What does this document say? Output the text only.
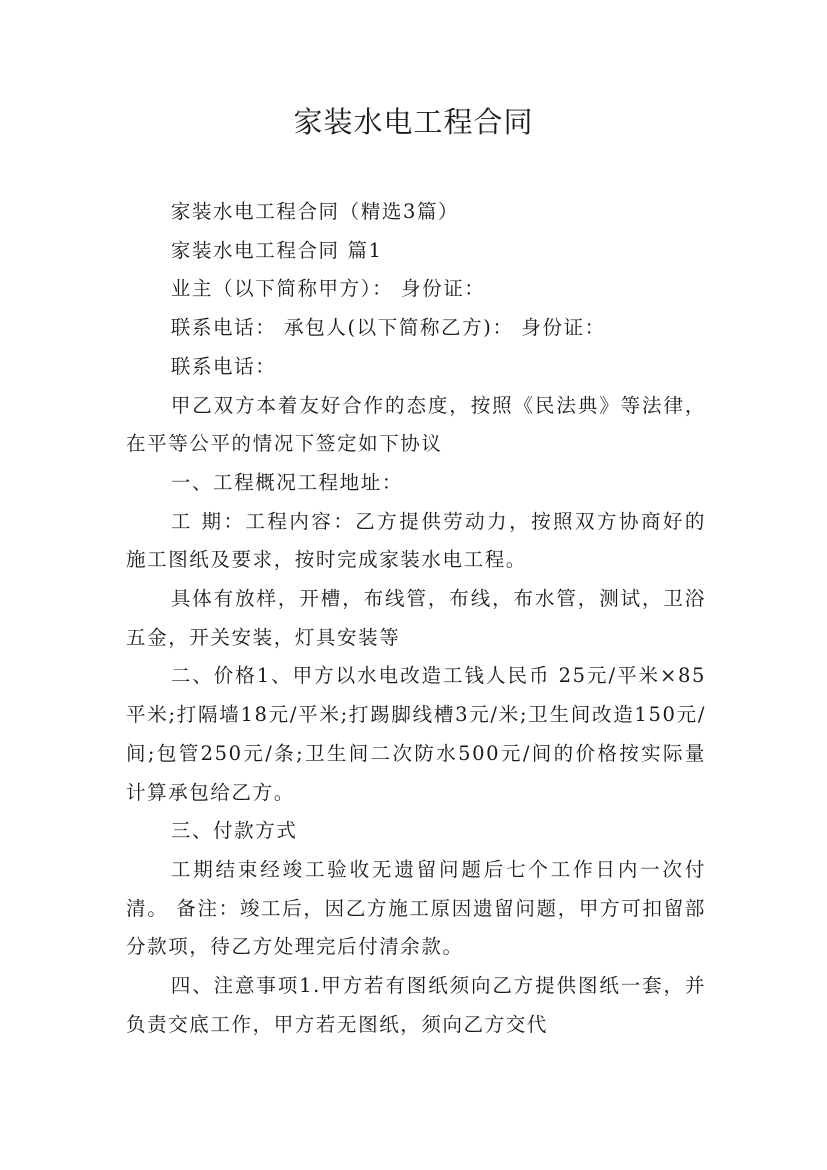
家装水电工程合同

家装水电工程合同（精选3篇）

家装水电工程合同 篇1

业主（以下简称甲方）： 身份证：

联系电话： 承包人(以下简称乙方)： 身份证：

联系电话：

甲乙双方本着友好合作的态度，按照《民法典》等法律，在平等公平的情况下签定如下协议

一、工程概况工程地址：

工 期：工程内容：乙方提供劳动力，按照双方协商好的施工图纸及要求，按时完成家装水电工程。

具体有放样，开槽，布线管，布线，布水管，测试，卫浴五金，开关安装，灯具安装等

二、价格1、甲方以水电改造工钱人民币 25元/平米×85平米;打隔墙18元/平米;打踢脚线槽3元/米;卫生间改造150元/间;包管250元/条;卫生间二次防水500元/间的价格按实际量计算承包给乙方。

三、付款方式

工期结束经竣工验收无遗留问题后七个工作日内一次付清。 备注：竣工后，因乙方施工原因遗留问题，甲方可扣留部分款项，待乙方处理完后付清余款。

四、注意事项1.甲方若有图纸须向乙方提供图纸一套，并负责交底工作，甲方若无图纸，须向乙方交代
